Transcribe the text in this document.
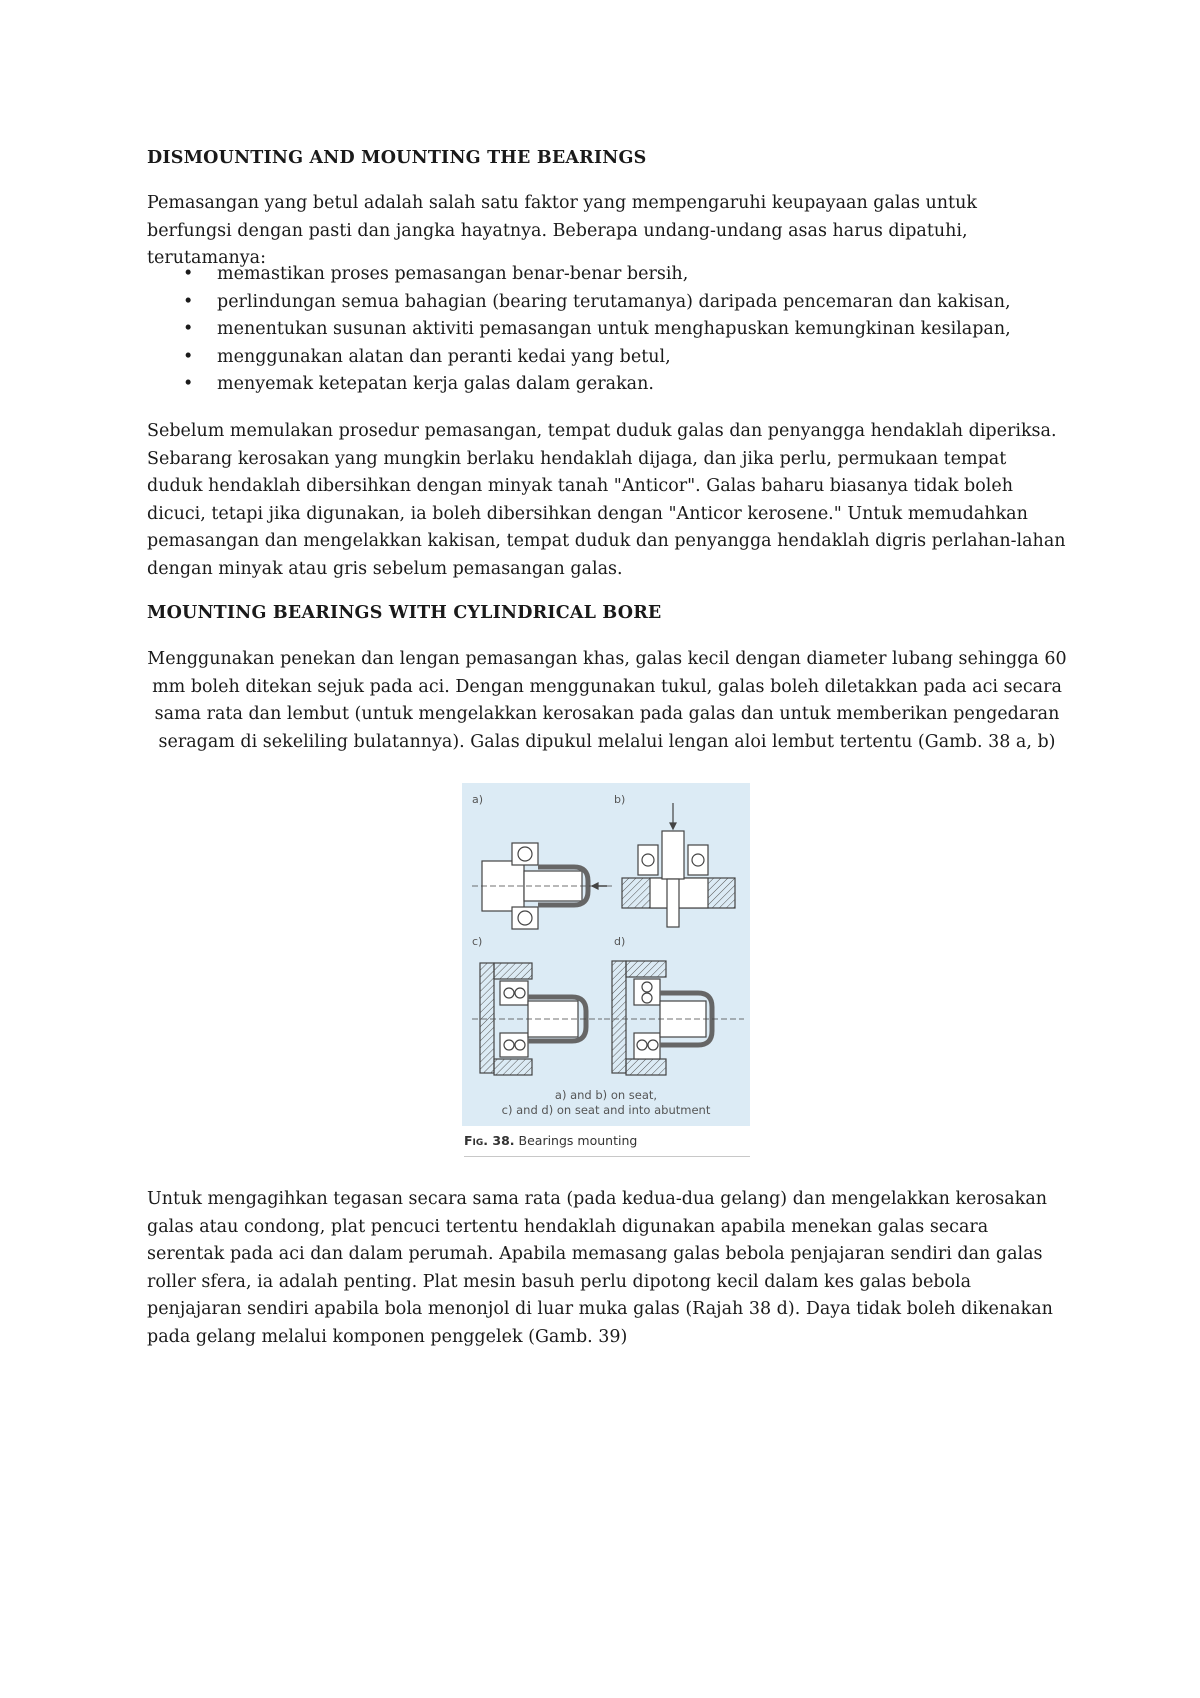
DISMOUNTING AND MOUNTING THE BEARINGS

Pemasangan yang betul adalah salah satu faktor yang mempengaruhi keupayaan galas untuk berfungsi dengan pasti dan jangka hayatnya. Beberapa undang-undang asas harus dipatuhi, terutamanya:

• memastikan proses pemasangan benar-benar bersih,
• perlindungan semua bahagian (bearing terutamanya) daripada pencemaran dan kakisan,
• menentukan susunan aktiviti pemasangan untuk menghapuskan kemungkinan kesilapan,
• menggunakan alatan dan peranti kedai yang betul,
• menyemak ketepatan kerja galas dalam gerakan.

Sebelum memulakan prosedur pemasangan, tempat duduk galas dan penyangga hendaklah diperiksa. Sebarang kerosakan yang mungkin berlaku hendaklah dijaga, dan jika perlu, permukaan tempat duduk hendaklah dibersihkan dengan minyak tanah "Anticor". Galas baharu biasanya tidak boleh dicuci, tetapi jika digunakan, ia boleh dibersihkan dengan "Anticor kerosene." Untuk memudahkan pemasangan dan mengelakkan kakisan, tempat duduk dan penyangga hendaklah digris perlahan-lahan dengan minyak atau gris sebelum pemasangan galas.

MOUNTING BEARINGS WITH CYLINDRICAL BORE

Menggunakan penekan dan lengan pemasangan khas, galas kecil dengan diameter lubang sehingga 60 mm boleh ditekan sejuk pada aci. Dengan menggunakan tukul, galas boleh diletakkan pada aci secara sama rata dan lembut (untuk mengelakkan kerosakan pada galas dan untuk memberikan pengedaran seragam di sekeliling bulatannya). Galas dipukul melalui lengan aloi lembut tertentu (Gamb. 38 a, b)

a)	b)
c)	d)
a) and b) on seat,
c) and d) on seat and into abutment
Fig. 38. Bearings mounting

Untuk mengagihkan tegasan secara sama rata (pada kedua-dua gelang) dan mengelakkan kerosakan galas atau condong, plat pencuci tertentu hendaklah digunakan apabila menekan galas secara serentak pada aci dan dalam perumah. Apabila memasang galas bebola penjajaran sendiri dan galas roller sfera, ia adalah penting. Plat mesin basuh perlu dipotong kecil dalam kes galas bebola penjajaran sendiri apabila bola menonjol di luar muka galas (Rajah 38 d). Daya tidak boleh dikenakan pada gelang melalui komponen penggelek (Gamb. 39)
